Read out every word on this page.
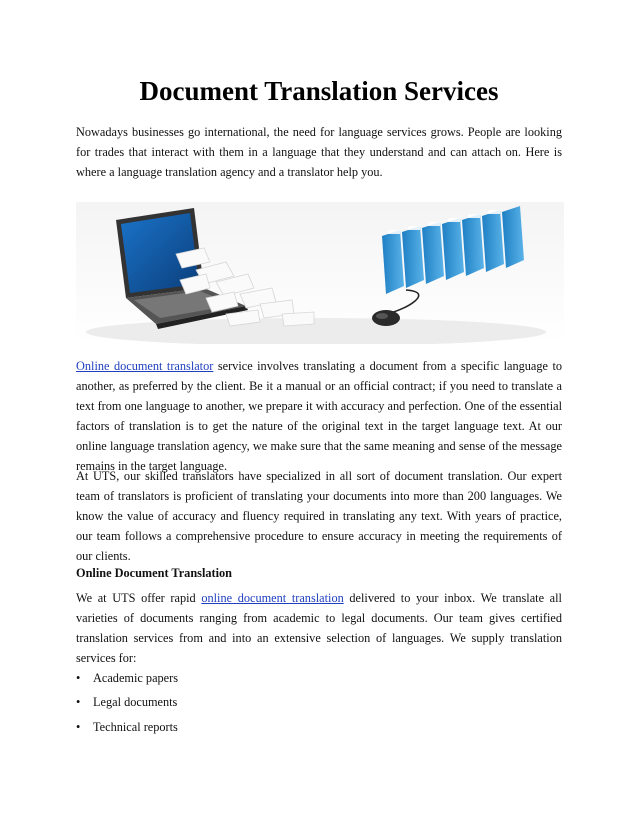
Document Translation Services

Nowadays businesses go international, the need for language services grows. People are looking for trades that interact with them in a language that they understand and can attach on. Here is where a language translation agency and a translator help you.

Online document translator service involves translating a document from a specific language to another, as preferred by the client. Be it a manual or an official contract; if you need to translate a text from one language to another, we prepare it with accuracy and perfection. One of the essential factors of translation is to get the nature of the original text in the target language text. At our online language translation agency, we make sure that the same meaning and sense of the message remains in the target language.

At UTS, our skilled translators have specialized in all sort of document translation. Our expert team of translators is proficient of translating your documents into more than 200 languages. We know the value of accuracy and fluency required in translating any text. With years of practice, our team follows a comprehensive procedure to ensure accuracy in meeting the requirements of our clients.

Online Document Translation

We at UTS offer rapid online document translation delivered to your inbox. We translate all varieties of documents ranging from academic to legal documents. Our team gives certified translation services from and into an extensive selection of languages. We supply translation services for:

• Academic papers
• Legal documents
• Technical reports
